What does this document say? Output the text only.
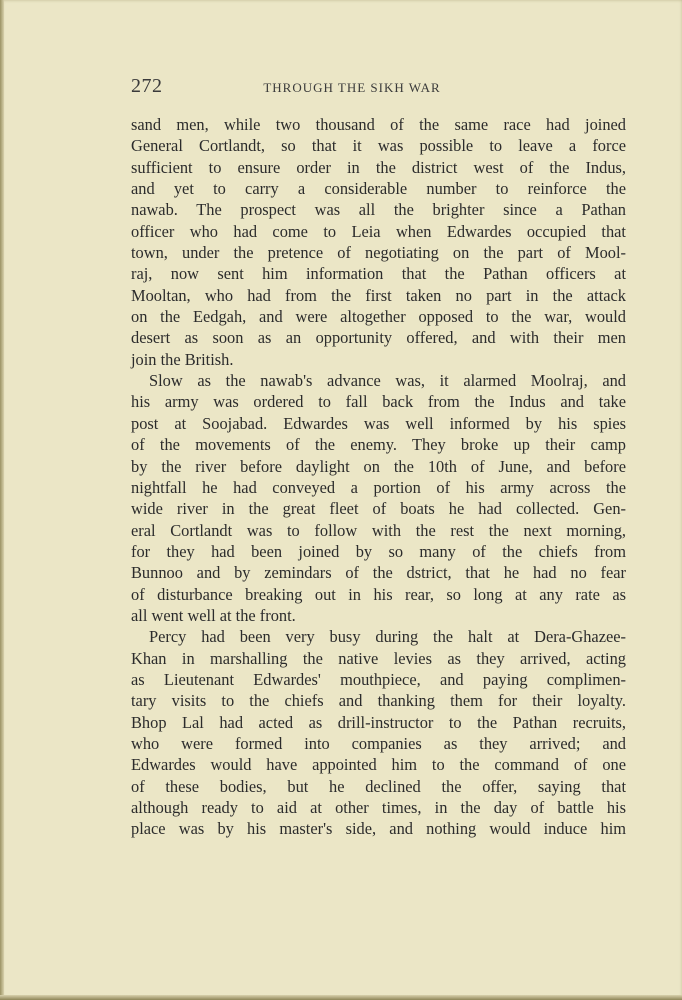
272	THROUGH THE SIKH WAR
sand men, while two thousand of the same race had joined
General Cortlandt, so that it was possible to leave a force
sufficient to ensure order in the district west of the Indus,
and yet to carry a considerable number to reinforce the
nawab. The prospect was all the brighter since a Pathan
officer who had come to Leia when Edwardes occupied that
town, under the pretence of negotiating on the part of Mool-
raj, now sent him information that the Pathan officers at
Mooltan, who had from the first taken no part in the attack
on the Eedgah, and were altogether opposed to the war, would
desert as soon as an opportunity offered, and with their men
join the British.
Slow as the nawab's advance was, it alarmed Moolraj, and
his army was ordered to fall back from the Indus and take
post at Soojabad. Edwardes was well informed by his spies
of the movements of the enemy. They broke up their camp
by the river before daylight on the 10th of June, and before
nightfall he had conveyed a portion of his army across the
wide river in the great fleet of boats he had collected. Gen-
eral Cortlandt was to follow with the rest the next morning,
for they had been joined by so many of the chiefs from
Bunnoo and by zemindars of the dstrict, that he had no fear
of disturbance breaking out in his rear, so long at any rate as
all went well at the front.
Percy had been very busy during the halt at Dera-Ghazee-
Khan in marshalling the native levies as they arrived, acting
as Lieutenant Edwardes' mouthpiece, and paying complimen-
tary visits to the chiefs and thanking them for their loyalty.
Bhop Lal had acted as drill-instructor to the Pathan recruits,
who were formed into companies as they arrived; and
Edwardes would have appointed him to the command of one
of these bodies, but he declined the offer, saying that
although ready to aid at other times, in the day of battle his
place was by his master's side, and nothing would induce him
